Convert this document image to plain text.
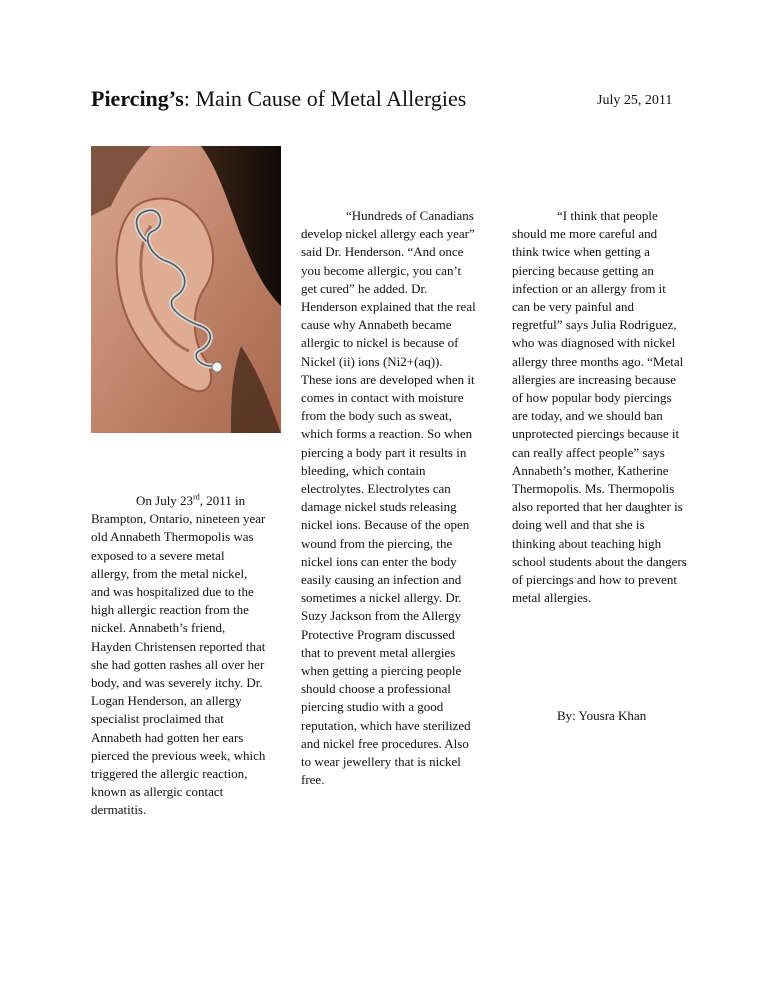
Piercing’s: Main Cause of Metal Allergies	July 25, 2011

On July 23rd, 2011 in Brampton, Ontario, nineteen year old Annabeth Thermopolis was exposed to a severe metal allergy, from the metal nickel, and was hospitalized due to the high allergic reaction from the nickel. Annabeth’s friend, Hayden Christensen reported that she had gotten rashes all over her body, and was severely itchy. Dr. Logan Henderson, an allergy specialist proclaimed that Annabeth had gotten her ears pierced the previous week, which triggered the allergic reaction, known as allergic contact dermatitis.

“Hundreds of Canadians develop nickel allergy each year” said Dr. Henderson. “And once you become allergic, you can’t get cured” he added. Dr. Henderson explained that the real cause why Annabeth became allergic to nickel is because of Nickel (ii) ions (Ni2+(aq)). These ions are developed when it comes in contact with moisture from the body such as sweat, which forms a reaction. So when piercing a body part it results in bleeding, which contain electrolytes. Electrolytes can damage nickel studs releasing nickel ions. Because of the open wound from the piercing, the nickel ions can enter the body easily causing an infection and sometimes a nickel allergy. Dr. Suzy Jackson from the Allergy Protective Program discussed that to prevent metal allergies when getting a piercing people should choose a professional piercing studio with a good reputation, which have sterilized and nickel free procedures. Also to wear jewellery that is nickel free.

“I think that people should me more careful and think twice when getting a piercing because getting an infection or an allergy from it can be very painful and regretful” says Julia Rodriguez, who was diagnosed with nickel allergy three months ago. “Metal allergies are increasing because of how popular body piercings are today, and we should ban unprotected piercings because it can really affect people” says Annabeth’s mother, Katherine Thermopolis. Ms. Thermopolis also reported that her daughter is doing well and that she is thinking about teaching high school students about the dangers of piercings and how to prevent metal allergies.

By: Yousra Khan
